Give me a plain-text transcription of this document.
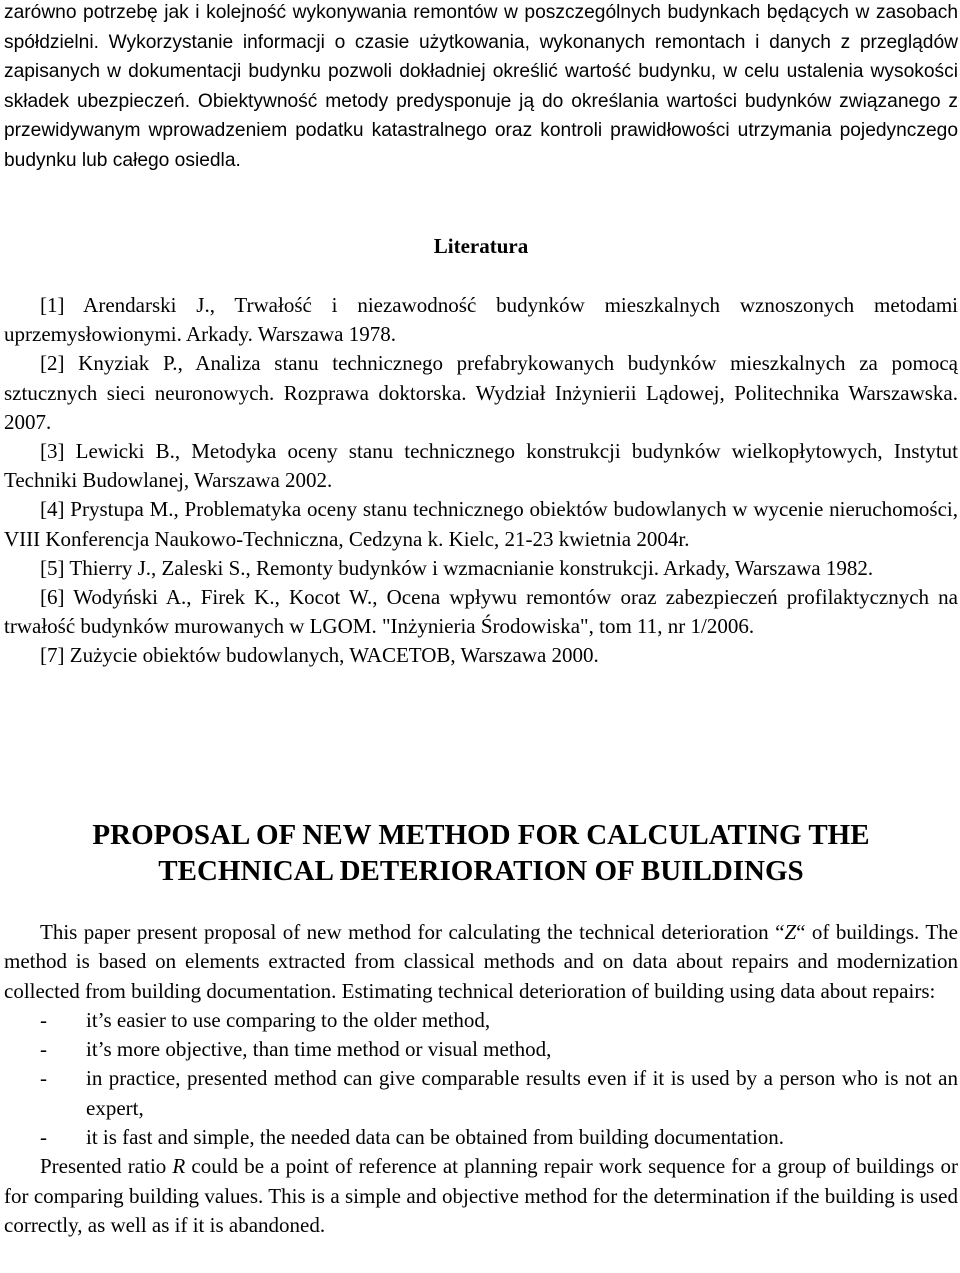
zarówno potrzebę jak i kolejność wykonywania remontów w poszczególnych budynkach będących w zasobach spółdzielni. Wykorzystanie informacji o czasie użytkowania, wykonanych remontach i danych z przeglądów zapisanych w dokumentacji budynku pozwoli dokładniej określić wartość budynku, w celu ustalenia wysokości składek ubezpieczeń. Obiektywność metody predysponuje ją do określania wartości budynków związanego z przewidywanym wprowadzeniem podatku katastralnego oraz kontroli prawidłowości utrzymania pojedynczego budynku lub całego osiedla.

Literatura

[1] Arendarski J., Trwałość i niezawodność budynków mieszkalnych wznoszonych metodami uprzemysłowionymi. Arkady. Warszawa 1978.

[2] Knyziak P., Analiza stanu technicznego prefabrykowanych budynków mieszkalnych za pomocą sztucznych sieci neuronowych. Rozprawa doktorska. Wydział Inżynierii Lądowej, Politechnika Warszawska. 2007.

[3] Lewicki B., Metodyka oceny stanu technicznego konstrukcji budynków wielkopłytowych, Instytut Techniki Budowlanej, Warszawa 2002.

[4] Prystupa M., Problematyka oceny stanu technicznego obiektów budowlanych w wycenie nieruchomości, VIII Konferencja Naukowo-Techniczna, Cedzyna k. Kielc, 21-23 kwietnia 2004r.

[5] Thierry J., Zaleski S., Remonty budynków i wzmacnianie konstrukcji. Arkady, Warszawa 1982.

[6] Wodyński A., Firek K., Kocot W., Ocena wpływu remontów oraz zabezpieczeń profilaktycznych na trwałość budynków murowanych w LGOM. "Inżynieria Środowiska", tom 11, nr 1/2006.

[7] Zużycie obiektów budowlanych, WACETOB, Warszawa 2000.

PROPOSAL OF NEW METHOD FOR CALCULATING THE
TECHNICAL DETERIORATION OF BUILDINGS

This paper present proposal of new method for calculating the technical deterioration “Z“ of buildings. The method is based on elements extracted from classical methods and on data about repairs and modernization collected from building documentation. Estimating technical deterioration of building using data about repairs:

- it’s easier to use comparing to the older method,
- it’s more objective, than time method or visual method,
- in practice, presented method can give comparable results even if it is used by a person who is not an expert,
- it is fast and simple, the needed data can be obtained from building documentation.

Presented ratio R could be a point of reference at planning repair work sequence for a group of buildings or for comparing building values. This is a simple and objective method for the determination if the building is used correctly, as well as if it is abandoned.
